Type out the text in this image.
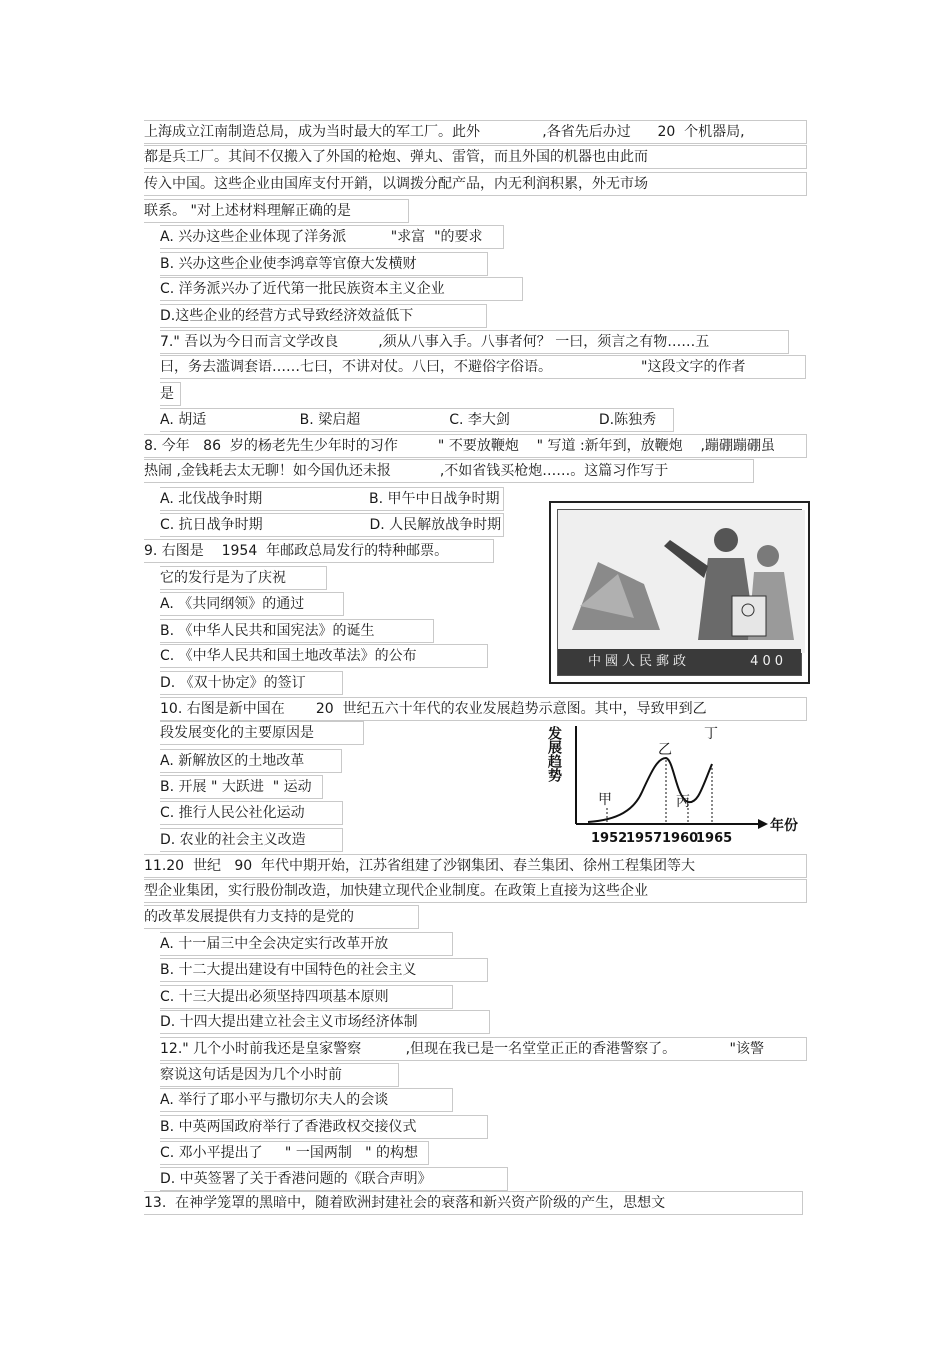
上海成立江南制造总局，成为当时最大的军工厂。此外              ,各省先后办过      20  个机器局,
都是兵工厂。其间不仅搬入了外国的枪炮、弹丸、雷管，而且外国的机器也由此而
传入中国。这些企业由国库支付开銷，以调拨分配产品，内无利润积累，外无市场
联系。 "对上述材料理解正确的是
A. 兴办这些企业体现了洋务派          "求富  "的要求
B. 兴办这些企业使李鸿章等官僚大发横财
C. 洋务派兴办了近代第一批民族资本主义企业
D.这些企业的经营方式导致经济效益低下
7." 吾以为今日而言文学改良         ,须从八事入手。八事者何？ 一曰，须言之有物……五
曰，务去滥调套语……七曰，不讲对仗。八曰，不避俗字俗语。                    "这段文字的作者
是
A. 胡适                     B. 梁启超                    C. 李大剑                    D.陈独秀
8. 今年   86  岁的杨老先生少年时的习作         " 不要放鞭炮    " 写道 :新年到，放鞭炮    ,蹦硼蹦硼虽
热闹 ,金钱耗去太无聊！如今国仇还未报           ,不如省钱买枪炮……。这篇习作写于
A. 北伐战争时期                        B. 甲午中日战争时期
C. 抗日战争时期                        D. 人民解放战争时期
9. 右图是    1954  年邮政总局发行的特种邮票。
它的发行是为了庆祝
A. 《共同纲领》的通过
B. 《中华人民共和国宪法》的诞生
C. 《中华人民共和国土地改革法》的公布
D. 《双十协定》的签订
10. 右图是新中国在       20  世纪五六十年代的农业发展趋势示意图。其中，导致甲到乙
段发展变化的主要原因是
A. 新解放区的土地改革
B. 开展 " 大跃进  " 运动
C. 推行人民公社化运动
D. 农业的社会主义改造
11.20  世纪   90  年代中期开始，江苏省组建了沙钢集团、春兰集团、徐州工程集团等大
型企业集团，实行股份制改造，加快建立现代企业制度。在政策上直接为这些企业
的改革发展提供有力支持的是党的
A. 十一届三中全会决定实行改革开放
B. 十二大提出建设有中国特色的社会主义
C. 十三大提出必须坚持四项基本原则
D. 十四大提出建立社会主义市场经济体制
12." 几个小时前我还是皇家警察          ,但现在我已是一名堂堂正正的香港警察了。            "该警
察说这句话是因为几个小时前
A. 举行了耶小平与撒切尔夫人的会谈
B. 中英两国政府举行了香港政权交接仪式
C. 邓小平提出了     " 一国两制   " 的构想
D. 中英签署了关于香港问题的《联合声明》
13.  在神学笼罩的黑暗中，随着欧洲封建社会的衰落和新兴资产阶级的产生，思想文
中國人民郵政	400
发展趋势
年份
1952
1957 1960
1965
甲
乙
丙
丁
